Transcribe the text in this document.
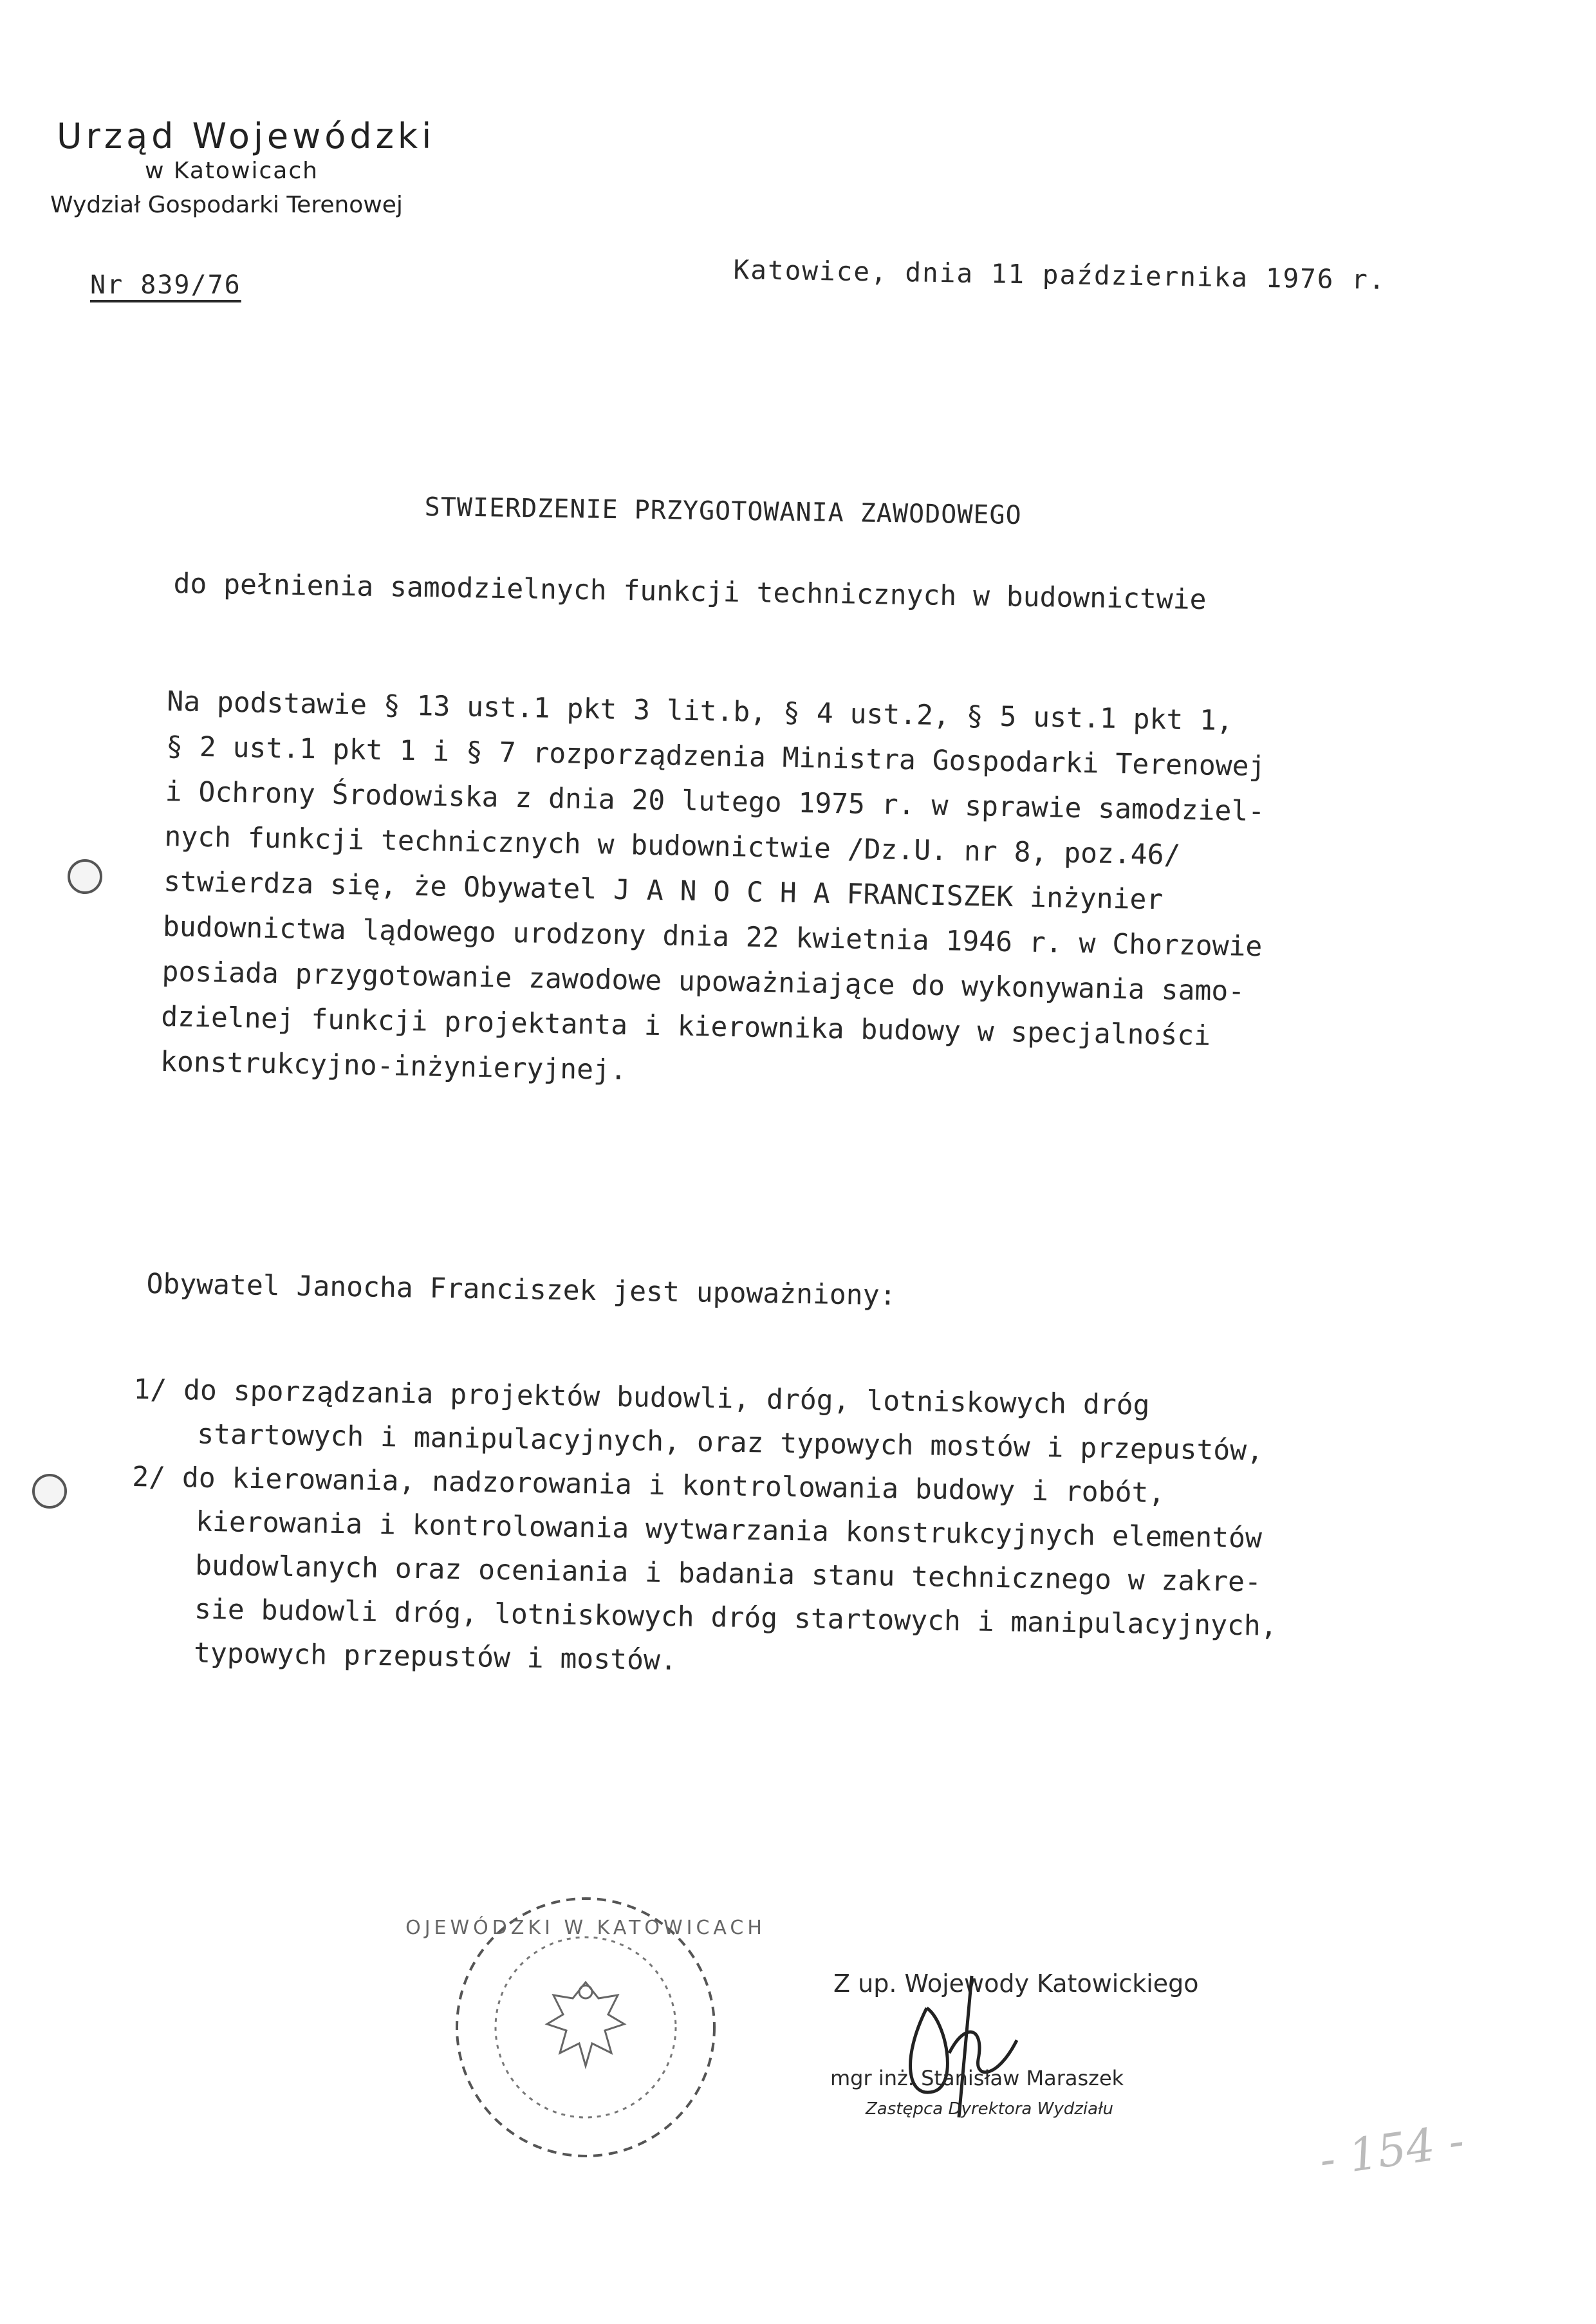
Urząd Wojewódzki
w Katowicach
Wydział Gospodarki Terenowej
Nr 839/76	Katowice, dnia 11 października 1976 r.
STWIERDZENIE PRZYGOTOWANIA ZAWODOWEGO
do pełnienia samodzielnych funkcji technicznych w budownictwie
Na podstawie § 13 ust.1 pkt 3 lit.b, § 4 ust.2, § 5 ust.1 pkt 1,
§ 2 ust.1 pkt 1 i § 7 rozporządzenia Ministra Gospodarki Terenowej
i Ochrony Środowiska z dnia 20 lutego 1975 r. w sprawie samodziel-
nych funkcji technicznych w budownictwie /Dz.U. nr 8, poz.46/
stwierdza się, że Obywatel J A N O C H A FRANCISZEK inżynier
budownictwa lądowego urodzony dnia 22 kwietnia 1946 r. w Chorzowie
posiada przygotowanie zawodowe upoważniające do wykonywania samo-
dzielnej funkcji projektanta i kierownika budowy w specjalności
konstrukcyjno-inżynieryjnej.
Obywatel Janocha Franciszek jest upoważniony:
1/ do sporządzania projektów budowli, dróg, lotniskowych dróg
startowych i manipulacyjnych, oraz typowych mostów i przepustów,
2/ do kierowania, nadzorowania i kontrolowania budowy i robót,
kierowania i kontrolowania wytwarzania konstrukcyjnych elementów
budowlanych oraz oceniania i badania stanu technicznego w zakre-
sie budowli dróg, lotniskowych dróg startowych i manipulacyjnych,
typowych przepustów i mostów.
OJEWÓDZKI W KATOWICACH
Z up. Wojewody Katowickiego
mgr inż. Stanisław Maraszek
Zastępca Dyrektora Wydziału
- 154 -
